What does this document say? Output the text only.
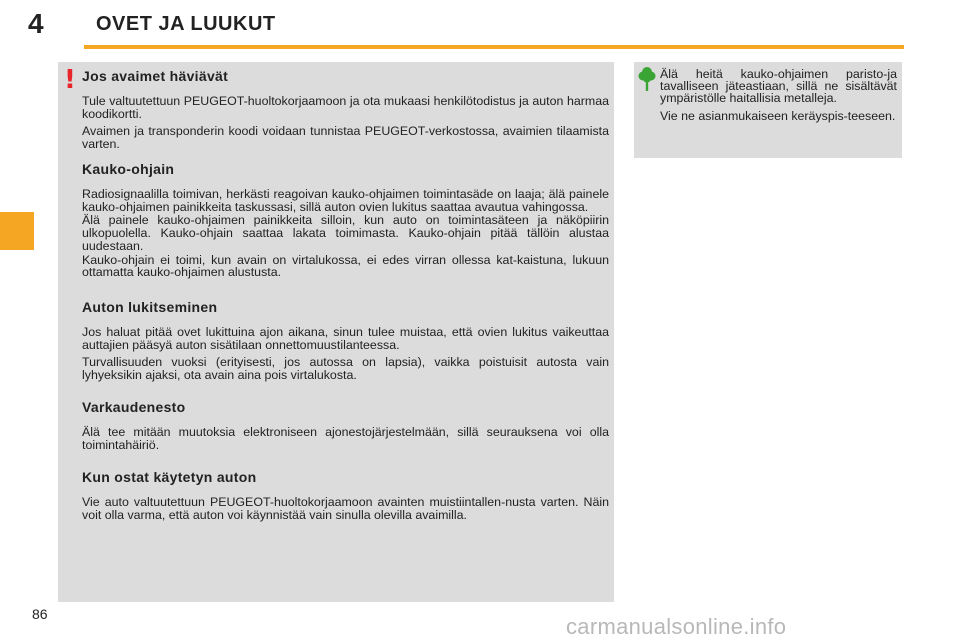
4	OVET JA LUUKUT
! Jos avaimet häviävät

Tule valtuutettuun PEUGEOT-huoltokorjaamoon ja ota mukaasi henkilötodistus ja auton harmaa koodikortti.

Avaimen ja transponderin koodi voidaan tunnistaa PEUGEOT-verkostossa, avaimien tilaamista varten.

Kauko-ohjain

Radiosignaalilla toimivan, herkästi reagoivan kauko-ohjaimen toimintasäde on laaja; älä painele kauko-ohjaimen painikkeita taskussasi, sillä auton ovien lukitus saattaa avautua vahingossa.

Älä painele kauko-ohjaimen painikkeita silloin, kun auto on toimintasäteen ja näköpiirin ulkopuolella. Kauko-ohjain saattaa lakata toimimasta. Kauko-ohjain pitää tällöin alustaa uudestaan.

Kauko-ohjain ei toimi, kun avain on virtalukossa, ei edes virran ollessa kat-kaistuna, lukuun ottamatta kauko-ohjaimen alustusta.

Auton lukitseminen

Jos haluat pitää ovet lukittuina ajon aikana, sinun tulee muistaa, että ovien lukitus vaikeuttaa auttajien pääsyä auton sisätilaan onnettomuustilanteessa.

Turvallisuuden vuoksi (erityisesti, jos autossa on lapsia), vaikka poistuisit autosta vain lyhyeksikin ajaksi, ota avain aina pois virtalukosta.

Varkaudenesto

Älä tee mitään muutoksia elektroniseen ajonestojärjestelmään, sillä seurauksena voi olla toimintahäiriö.

Kun ostat käytetyn auton

Vie auto valtuutettuun PEUGEOT-huoltokorjaamoon avainten muistiintallen-nusta varten. Näin voit olla varma, että auton voi käynnistää vain sinulla olevilla avaimilla.

Älä heitä kauko-ohjaimen paristo-ja tavalliseen jäteastiaan, sillä ne sisältävät ympäristölle haitallisia metalleja.

Vie ne asianmukaiseen keräyspis-teeseen.

86	carmanualsonline.info
